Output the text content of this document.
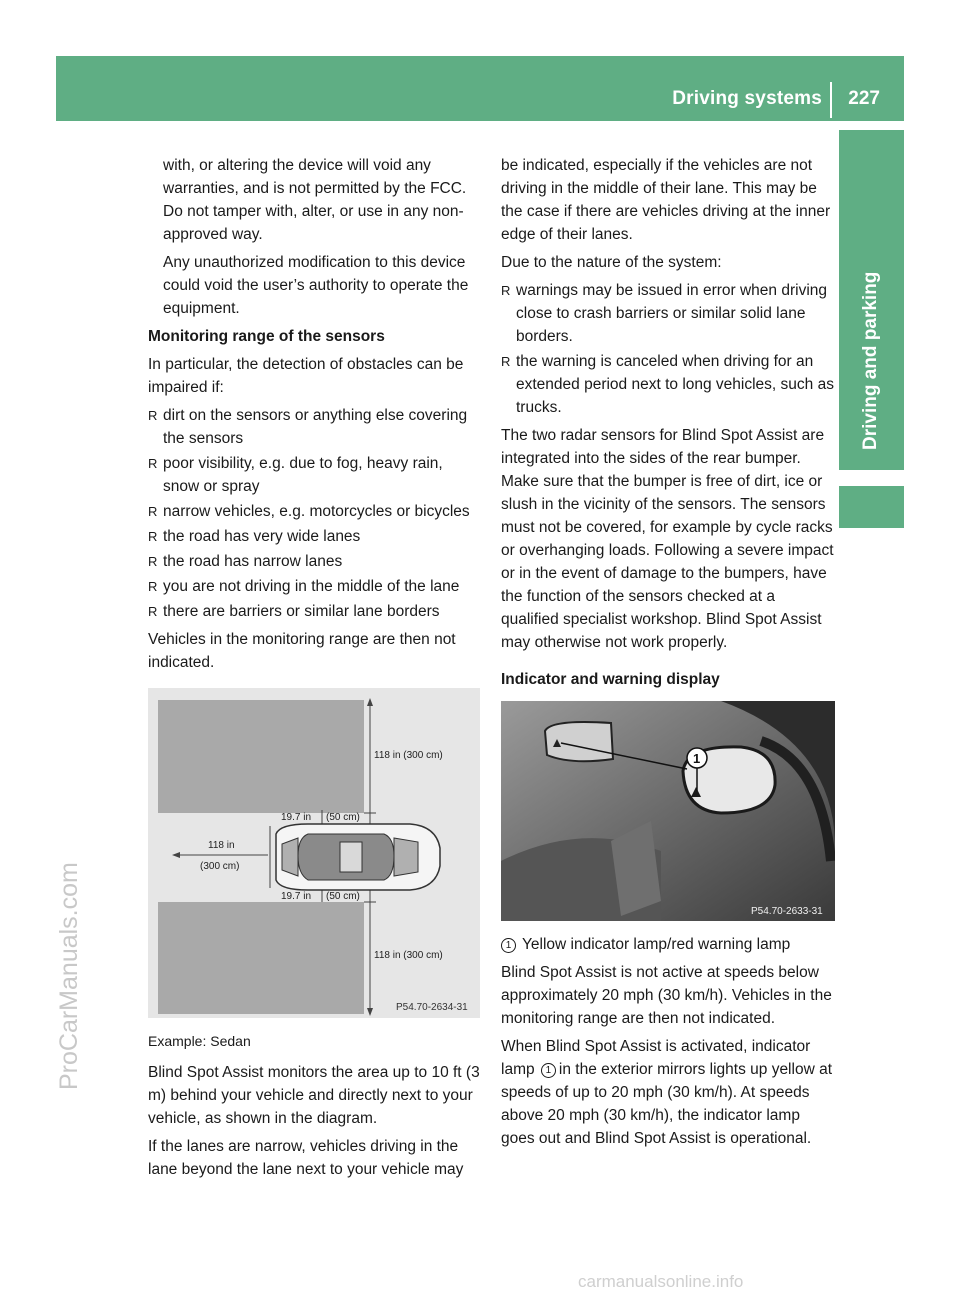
Driving systems 227
Driving and parking
ProCarManuals.com
carmanualsonline.info

with, or altering the device will void any warranties, and is not permitted by the FCC. Do not tamper with, alter, or use in any non-approved way.

Any unauthorized modification to this device could void the user’s authority to operate the equipment.

Monitoring range of the sensors

In particular, the detection of obstacles can be impaired if:

R dirt on the sensors or anything else covering the sensors
R poor visibility, e.g. due to fog, heavy rain, snow or spray
R narrow vehicles, e.g. motorcycles or bicycles
R the road has very wide lanes
R the road has narrow lanes
R you are not driving in the middle of the lane
R there are barriers or similar lane borders

Vehicles in the monitoring range are then not indicated.

118 in (300 cm)
19.7 in (50 cm)
118 in
(300 cm)
19.7 in (50 cm)
118 in (300 cm)
P54.70-2634-31

Example: Sedan

Blind Spot Assist monitors the area up to 10 ft (3 m) behind your vehicle and directly next to your vehicle, as shown in the diagram.

If the lanes are narrow, vehicles driving in the lane beyond the lane next to your vehicle may

be indicated, especially if the vehicles are not driving in the middle of their lane. This may be the case if there are vehicles driving at the inner edge of their lanes.

Due to the nature of the system:

R warnings may be issued in error when driving close to crash barriers or similar solid lane borders.
R the warning is canceled when driving for an extended period next to long vehicles, such as trucks.

The two radar sensors for Blind Spot Assist are integrated into the sides of the rear bumper. Make sure that the bumper is free of dirt, ice or slush in the vicinity of the sensors. The sensors must not be covered, for example by cycle racks or overhanging loads. Following a severe impact or in the event of damage to the bumpers, have the function of the sensors checked at a qualified specialist workshop. Blind Spot Assist may otherwise not work properly.

Indicator and warning display

1
P54.70-2633-31

1 Yellow indicator lamp/red warning lamp

Blind Spot Assist is not active at speeds below approximately 20 mph (30 km/h). Vehicles in the monitoring range are then not indicated.

When Blind Spot Assist is activated, indicator lamp 1 in the exterior mirrors lights up yellow at speeds of up to 20 mph (30 km/h). At speeds above 20 mph (30 km/h), the indicator lamp goes out and Blind Spot Assist is operational.
